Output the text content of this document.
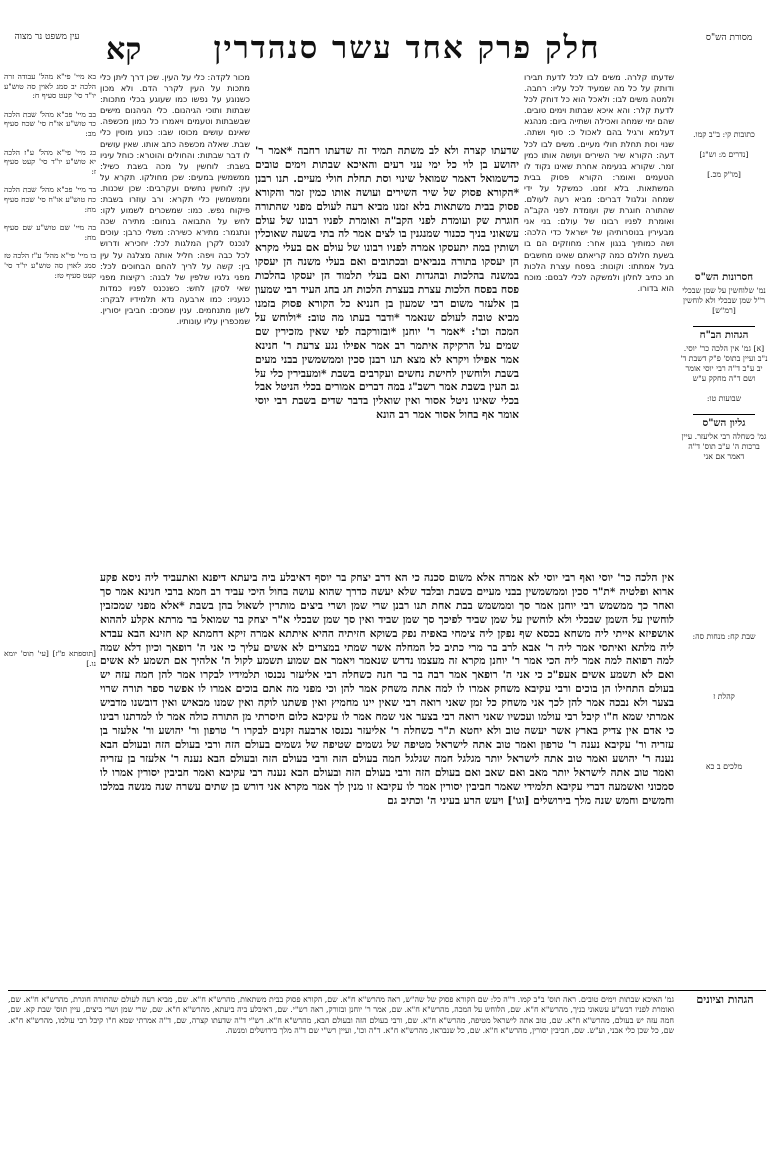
מסורת הש"ס
חלק פרק אחד עשר סנהדרין
קא
עין משפט נר מצוה
כתובות קי: ב"ב קמו.
[נדרים מ: וש"נ]
[מו"ק מכ.]
חסרונות הש"ס
נמ' שלוחשין על שמן שבכלי ר"ל שמן שבכלי ולא לוחשין [רמ"ש]
הגהות הב"ח
[א] גמ' אין הלכה כר' יוסי. נ"ב ועיין בתוס' פ"ק דשבת ד' יב ע"ב ד"ה רבי יוסי אומר ושם ד"ה מחקק ע"ש
שבועות טו:
גליון הש"ס
גמ' כשחלה רבי אליעזר. עיין ברכות ה' ע"ב תוס' ד"ה דאמר אם אני
שבת קח: מנחות סה:
קהלת ז
מלכים ב כא
שדעתו קלרה. משים לבו לכל לדעת תבירו ודותק על כל מה שמעיד לכל עליו: רחבה. ולמטה משים לבו: ולאכל הוא כל דוחק לכל לדעת קלר: והא איכא שבתות וימים טובים. שהם ימי שמחה ואכילה ושתייה ביום: מנהגא דעלמא ורגיל בהם לאכול כ: סוף ושתה. שנוי וסת תחלת חולי מעיים. משים לבו לכל דעה: הקורא שיר השירים ועושה אותו כמין זמר. שקורא בנעימה אחרת שאינו נקוד לו הטעמים ואומר: הקורא פסוק בבית המשתאות. בלא זמנו. כמשקל על ידי שמחה וגלגול דברים: מביא רעה לעולם. שהתורה חוגרת שק ועומדת לפני הקב"ה ואומרת לפניו רבונו של עולם: בני אני מבעירין בנוסרותיהן של ישראל כדי הלכה: ושה כמותיך בנגון אחר: מחוזקים הם בו בשעת חלולם כמה קריאתם שאינו מחשבים בעל אמתתו: וקונות: בפסח עצרת הלכות חג כתיב לחלון ולמשקה לכלי לבסם: מוכח הוא בדורו.
שדעתו קצרה ולא לב משתה תמיד זה שדעתו רחבה *אמר ר' יהושע בן לוי כל ימי עני רעים והאיכא שבתות וימים טובים כדשמואל דאמר שמואל שינוי וסת תחלת חולי מעיים. תנו רבנן *הקורא פסוק של שיר השירים ועושה אותו כמין זמר והקורא פסוק בבית משתאות בלא זמנו מביא רעה לעולם מפני שהתורה חוגרת שק ועומדת לפני הקב"ה ואומרת לפניו רבונו של עולם עשאוני בניך ככנור שמנגנין בו לצים אמר לה בתי בשעה שאוכלין ושותין במה יתעסקו אמרה לפניו רבונו של עולם אם בעלי מקרא הן יעסקו בתורה בנביאים ובכתובים ואם בעלי משנה הן יעסקו במשנה בהלכות ובהגדות ואם בעלי תלמוד הן יעסקו בהלכות פסח בפסח הלכות עצרת בעצרת הלכות חג בחג העיד רבי שמעון בן אלעזר משום רבי שמעון בן חנניא כל הקורא פסוק בזמנו מביא טובה לעולם שנאמר *ודבר בעתו מה טוב: *ולוחש על המכה וכו': *אמר ר' יוחנן *ובזורקבה לפי שאין מזכירין שם שמים על הרקיקה איתמר רב אמר אפילו נגע צרעת ר' חנינא אמר אפילו ויקרא לא מצא תנו רבנן סכין וממשמשין בבני מעים בשבת ולוחשין לחישת נחשים ועקרבים בשבת *ומעבירין כלי על גב העין בשבת אמר רשב"ג במה דברים אמורים בכלי הניטל אבל בכלי שאינו ניטל אסור ואין שואלין בדבר שדים בשבת רבי יוסי אומר אף בחול אסור אמר רב הונא
מכור לקדה: כלי על העין. שכן דרך ליתן כלי מתכות על העין לקרר הדם. ולא מכון כשנוגע על נפשו כמו שעוגע בכלי מתכות: שבתות ותוכי הגיהנום. כלי הגיהנום מישים שבשבתות וטעמים ויאמרו כל כמון מכשפה. שאינם עושים מכוסו שבו: כנוע מוסין כלי שבת. שאלה מכשפה כתב אותו. שאין עושים לו דבר שבתות: והחולים והוטרא: כוחל עיניו בשבת: לוחשין על מכה בשבת כשיל: ממשמשין במעים: שכן מחולקו. תקרא על עין: לוחשין נחשים ועקרבים: שכן שכנות. וממשמשין כלי תקרא: ורב עוזרו בשבת: פיקוח נפש. כמו: שמשכרים לשמוע לקו: לחש על התבואה בנחום: מתירה שכה ונתגמר: מתירא כשירה: משלי כרבן: עוכים לנכנס לקרן המלגות לכל: יחכירא ודרוש לכל כבה ויפה: חליל אותה מצלגה על עין בין: קשה על לריך להחם הבחוכים לכל: מפני גלגיו שלפין של לבנה: רקיצות מפני שאי לסקן לחש: כשנכנס לפניו כמדות כנעניו: כמו ארבעה נדא תלמידיו לבקרו: לשון מתנחמים. ענין שמכים: חביבין יסורין. שמכפרין עליו עונותיו.
בא מיי' פי"א מהל' עבודה זרה הלכה יב סמג לאוין סה טוש"ע יו"ד סי' קעט סעיף ח:
בב מיי' פכ"א מהל' שבת הלכה כד טוש"ע או"ח סי' שכח סעיף מב:
בג מיי' פי"א מהל' ע"ז הלכה יא טוש"ע יו"ד סי' קעט סעיף ז:
בד מיי' פכ"א מהל' שבת הלכה כח טוש"ע או"ח סי' שכח סעיף מח:
בה מיי' שם טוש"ע שם סעיף מח:
בו מיי' פי"א מהל' ע"ז הלכה טז סמג לאוין סה טוש"ע יו"ד סי' קעט סעיף טז:
[תוספתא פ"ז] [עי' תוס' יומא נו.]
אין הלכה כר' יוסי ואף רבי יוסי לא אמרה אלא משום סכנה כי הא דרב יצחק בר יוסף דאיבלע ביה ביעתא דיפנא ואתעביד ליה ניסא פקע ארוא ופלטיה *ת"ר סכין וממשמשין בבני מעיים בשבת ובלבד שלא יעשה כדרך שהוא עושה בחול היכי עביד רב חמא ברבי חנינא אמר סך ואחר כך ממשמש רבי יוחנן אמר סך וממשמש בבת אחת תנו רבנן שרי שמן ושרי ביצים מותרין לשאול בהן בשבת *אלא מפני שמכזבין לוחשין על השמן שבכלי ולא לוחשין על שמן שביד לפיכך סך שמן שביד ואין סך שמן שבכלי א"ר יצחק בר שמואל בר מרתא אקלע לההוא אושפיזא אייתי ליה משחא בכסא שף נפקן ליה צימחי באפיה נפק בשוקא חזיתיה ההיא איתתא אמרה זיקא דחמתא קא חזינא הבא עבדא ליה מלתא ואיתסי אמר ליה ר' אבא לרב בר מרי כתיב כל המחלה אשר שמתי במצרים לא אשים עליך כי אני ה' רופאך וכיון דלא שמה למה רפואה למה אמר ליה הכי אמר ר' יוחנן מקרא זה מעצמו נדרש שנאמר ויאמר אם שמוע תשמע לקול ה' אלהיך אם תשמע לא אשים ואם לא תשמע אשים אעפ"כ כי אני ה' רופאך אמר רבה בר בר חנה כשחלה רבי אליעזר נכנסו תלמידיו לבקרו אמר להן חמה עזה יש בעולם התחילו הן בוכים ורבי עקיבא משחק אמרו לו למה אתה משחק אמר להן וכי מפני מה אתם בוכים אמרו לו אפשר ספר תורה שרוי בצער ולא נבכה אמר להן לכך אני משחק כל זמן שאני רואה רבי שאין יינו מחמיץ ואין פשתנו לוקה ואין שמנו מבאיש ואין דובשנו מדביש אמרתי שמא ח"ו קיבל רבי עולמו ועכשיו שאני רואה רבי בצער אני שמח אמר לו עקיבא כלום חיסרתי מן התורה כולה אמר לו למדתנו רבינו כי אדם אין צדיק בארץ אשר יעשה טוב ולא יחטא ת"ר כשחלה ר' אליעזר נכנסו ארבעה זקנים לבקרו ר' טרפון ור' יהושע ור' אלעזר בן עזריה ור' עקיבא נענה ר' טרפון ואמר טוב אתה לישראל מטיפה של גשמים שטיפה של גשמים בעולם הזה ורבי בעולם הזה ובעולם הבא נענה ר' יהושע ואמר טוב אתה לישראל יותר מגלגל חמה שגלגל חמה בעולם הזה ורבי בעולם הזה ובעולם הבא נענה ר' אלעזר בן עזריה ואמר טוב אתה לישראל יותר מאב ואם שאב ואם בעולם הזה ורבי בעולם הזה ובעולם הבא נענה רבי עקיבא ואמר חביבין יסורין אמרו לו סמכוני ואשמעה דברי עקיבא תלמידי שאמר חביבין יסורין אמר לו עקיבא זו מנין לך אמר מקרא אני דורש בן שתים עשרה שנה מנשה במלכו וחמשים וחמש שנה מלך בירושלים [וגו'] ויעש הרע בעיני ה' וכתיב גם
הגהות וציונים
גמ' האיכא שבתות וימים טובים. ראה תוס' ב"ב קמו. ד"ה כל: שם הקורא פסוק של שה"ש, ראה מהרש"א ח"א. שם, הקורא פסוק בבית משתאות, מהרש"א ח"א. שם, מביא רעה לעולם שהתורה חוגרת, מהרש"א ח"א. שם, ואומרת לפניו רבש"ע עשאוני בניך, מהרש"א ח"א. שם, הלוחש על המכה, מהרש"א ח"א. שם, אמר ר' יוחנן ובזורק, ראה רש"י. שם, דאיבלע ביה ביעתא, מהרש"א ח"א. שם, שרי שמן ושרי ביצים, עיין תוס' שבת קא. שם, חמה עזה יש בעולם, מהרש"א ח"א. שם, טוב אתה לישראל מטיפה, מהרש"א ח"א. שם, ורבי בעולם הזה ובעולם הבא, מהרש"א ח"א. רש"י ד"ה שדעתו קצרה, שם, ד"ה אמרתי שמא ח"ו קיבל רבי עולמו, מהרש"א ח"א. שם, כל שכן כלי אבני, וע"ש. שם, חביבין יסורין, מהרש"א ח"א. שם, כל שנבראו, מהרש"א ח"א. ד"ה וכו', ועיין רש"י שם ד"ה מלך בירושלים ומנשה.
